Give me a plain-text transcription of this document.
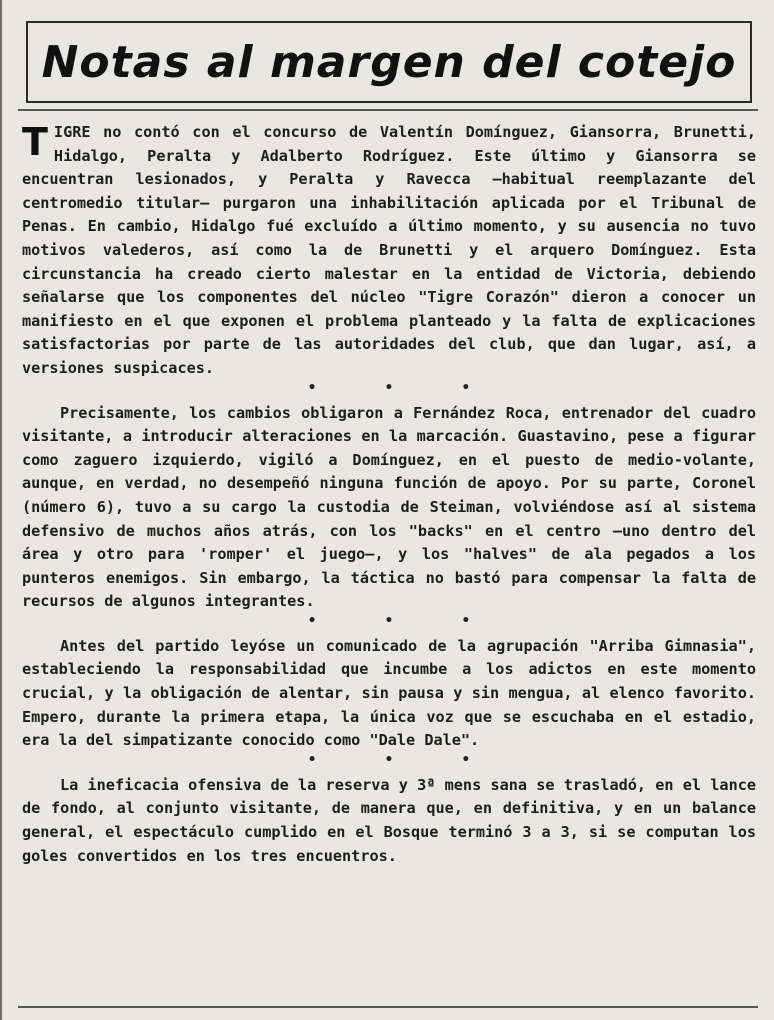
Notas al margen del cotejo

TIGRE no contó con el concurso de Valentín Domínguez, Giansorra, Brunetti, Hidalgo, Peralta y Adalberto Rodríguez. Este último y Giansorra se encuentran lesionados, y Peralta y Ravecca —habitual reemplazante del centromedio titular— purgaron una inhabilitación aplicada por el Tribunal de Penas. En cambio, Hidalgo fué excluído a último momento, y su ausencia no tuvo motivos valederos, así como la de Brunetti y el arquero Domínguez. Esta circunstancia ha creado cierto malestar en la entidad de Victoria, debiendo señalarse que los componentes del núcleo "Tigre Corazón" dieron a conocer un manifiesto en el que exponen el problema planteado y la falta de explicaciones satisfactorias por parte de las autoridades del club, que dan lugar, así, a versiones suspicaces.

• • •

Precisamente, los cambios obligaron a Fernández Roca, entrenador del cuadro visitante, a introducir alteraciones en la marcación. Guastavino, pese a figurar como zaguero izquierdo, vigiló a Domínguez, en el puesto de medio-volante, aunque, en verdad, no desempeñó ninguna función de apoyo. Por su parte, Coronel (número 6), tuvo a su cargo la custodia de Steiman, volviéndose así al sistema defensivo de muchos años atrás, con los "backs" en el centro —uno dentro del área y otro para 'romper' el juego—, y los "halves" de ala pegados a los punteros enemigos. Sin embargo, la táctica no bastó para compensar la falta de recursos de algunos integrantes.

• • •

Antes del partido leyóse un comunicado de la agrupación "Arriba Gimnasia", estableciendo la responsabilidad que incumbe a los adictos en este momento crucial, y la obligación de alentar, sin pausa y sin mengua, al elenco favorito. Empero, durante la primera etapa, la única voz que se escuchaba en el estadio, era la del simpatizante conocido como "Dale Dale".

• • •

La ineficacia ofensiva de la reserva y 3ª mens sana se trasladó, en el lance de fondo, al conjunto visitante, de manera que, en definitiva, y en un balance general, el espectáculo cumplido en el Bosque terminó 3 a 3, si se computan los goles convertidos en los tres encuentros.
